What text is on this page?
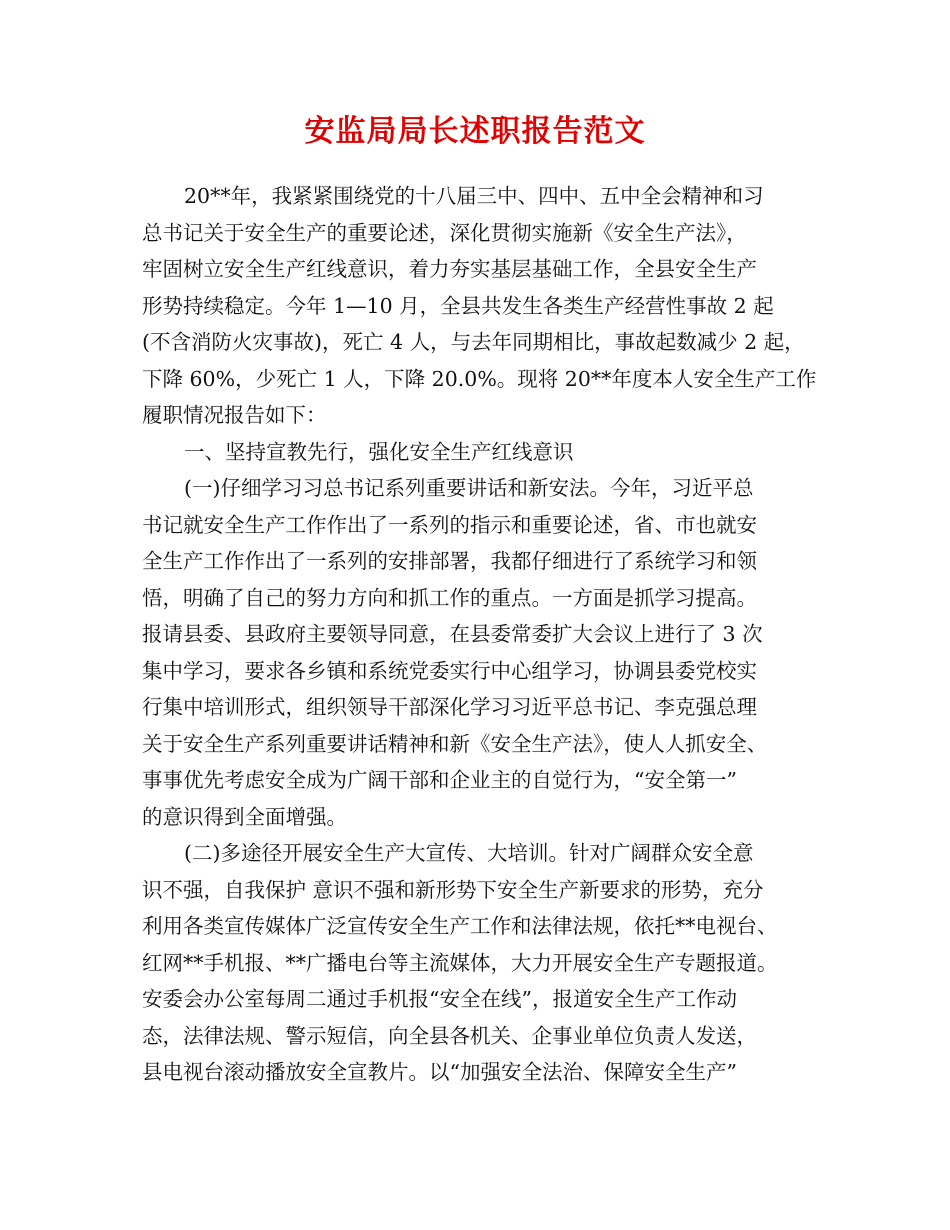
安监局局长述职报告范文
20**年，我紧紧围绕党的十八届三中、四中、五中全会精神和习
总书记关于安全生产的重要论述，深化贯彻实施新《安全生产法》，
牢固树立安全生产红线意识，着力夯实基层基础工作，全县安全生产
形势持续稳定。今年 1—10 月，全县共发生各类生产经营性事故 2 起
(不含消防火灾事故)，死亡 4 人，与去年同期相比，事故起数减少 2 起，
下降 60%，少死亡 1 人，下降 20.0%。现将 20**年度本人安全生产工作
履职情况报告如下：
一、坚持宣教先行，强化安全生产红线意识
(一)仔细学习习总书记系列重要讲话和新安法。今年，习近平总
书记就安全生产工作作出了一系列的指示和重要论述，省、市也就安
全生产工作作出了一系列的安排部署，我都仔细进行了系统学习和领
悟，明确了自己的努力方向和抓工作的重点。一方面是抓学习提高。
报请县委、县政府主要领导同意，在县委常委扩大会议上进行了 3 次
集中学习，要求各乡镇和系统党委实行中心组学习，协调县委党校实
行集中培训形式，组织领导干部深化学习习近平总书记、李克强总理
关于安全生产系列重要讲话精神和新《安全生产法》，使人人抓安全、
事事优先考虑安全成为广阔干部和企业主的自觉行为，“安全第一”
的意识得到全面增强。
(二)多途径开展安全生产大宣传、大培训。针对广阔群众安全意
识不强，自我保护 意识不强和新形势下安全生产新要求的形势，充分
利用各类宣传媒体广泛宣传安全生产工作和法律法规，依托**电视台、
红网**手机报、**广播电台等主流媒体，大力开展安全生产专题报道。
安委会办公室每周二通过手机报“安全在线”，报道安全生产工作动
态，法律法规、警示短信，向全县各机关、企事业单位负责人发送，
县电视台滚动播放安全宣教片。以“加强安全法治、保障安全生产”
